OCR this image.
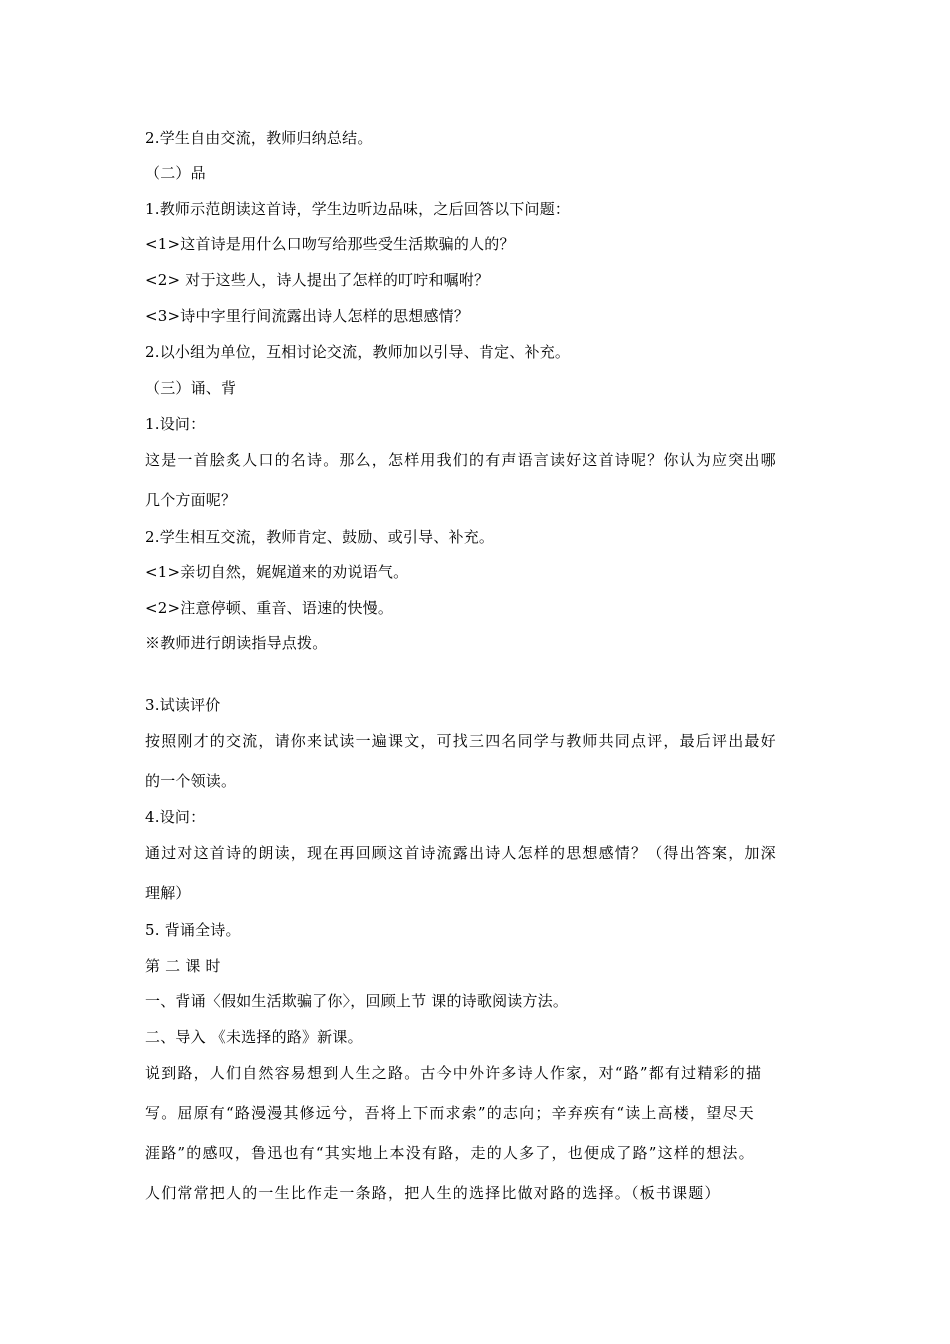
2.学生自由交流，教师归纳总结。
（二）品
1.教师示范朗读这首诗，学生边听边品味，之后回答以下问题：
<1>这首诗是用什么口吻写给那些受生活欺骗的人的？
<2> 对于这些人，诗人提出了怎样的叮咛和嘱咐？
<3>诗中字里行间流露出诗人怎样的思想感情？
2.以小组为单位，互相讨论交流，教师加以引导、肯定、补充。
（三）诵、背
1.设问：
这是一首脍炙人口的名诗。那么，怎样用我们的有声语言读好这首诗呢？你认为应突出哪
几个方面呢？
2.学生相互交流，教师肯定、鼓励、或引导、补充。
<1>亲切自然，娓娓道来的劝说语气。
<2>注意停顿、重音、语速的快慢。
※教师进行朗读指导点拨。
3.试读评价
按照刚才的交流，请你来试读一遍课文，可找三四名同学与教师共同点评，最后评出最好
的一个领读。
4.设问：
通过对这首诗的朗读，现在再回顾这首诗流露出诗人怎样的思想感情？（得出答案，加深
理解）
5. 背诵全诗。
第 二 课 时
一、背诵〈假如生活欺骗了你〉，回顾上节 课的诗歌阅读方法。
二、导入 《未选择的路》新课。
说到路，人们自然容易想到人生之路。古今中外许多诗人作家，对“路”都有过精彩的描
写。屈原有“路漫漫其修远兮，吾将上下而求索”的志向；辛弃疾有“读上高楼，望尽天
涯路”的感叹，鲁迅也有“其实地上本没有路，走的人多了，也便成了路”这样的想法。
人们常常把人的一生比作走一条路，把人生的选择比做对路的选择。（板书课题）
